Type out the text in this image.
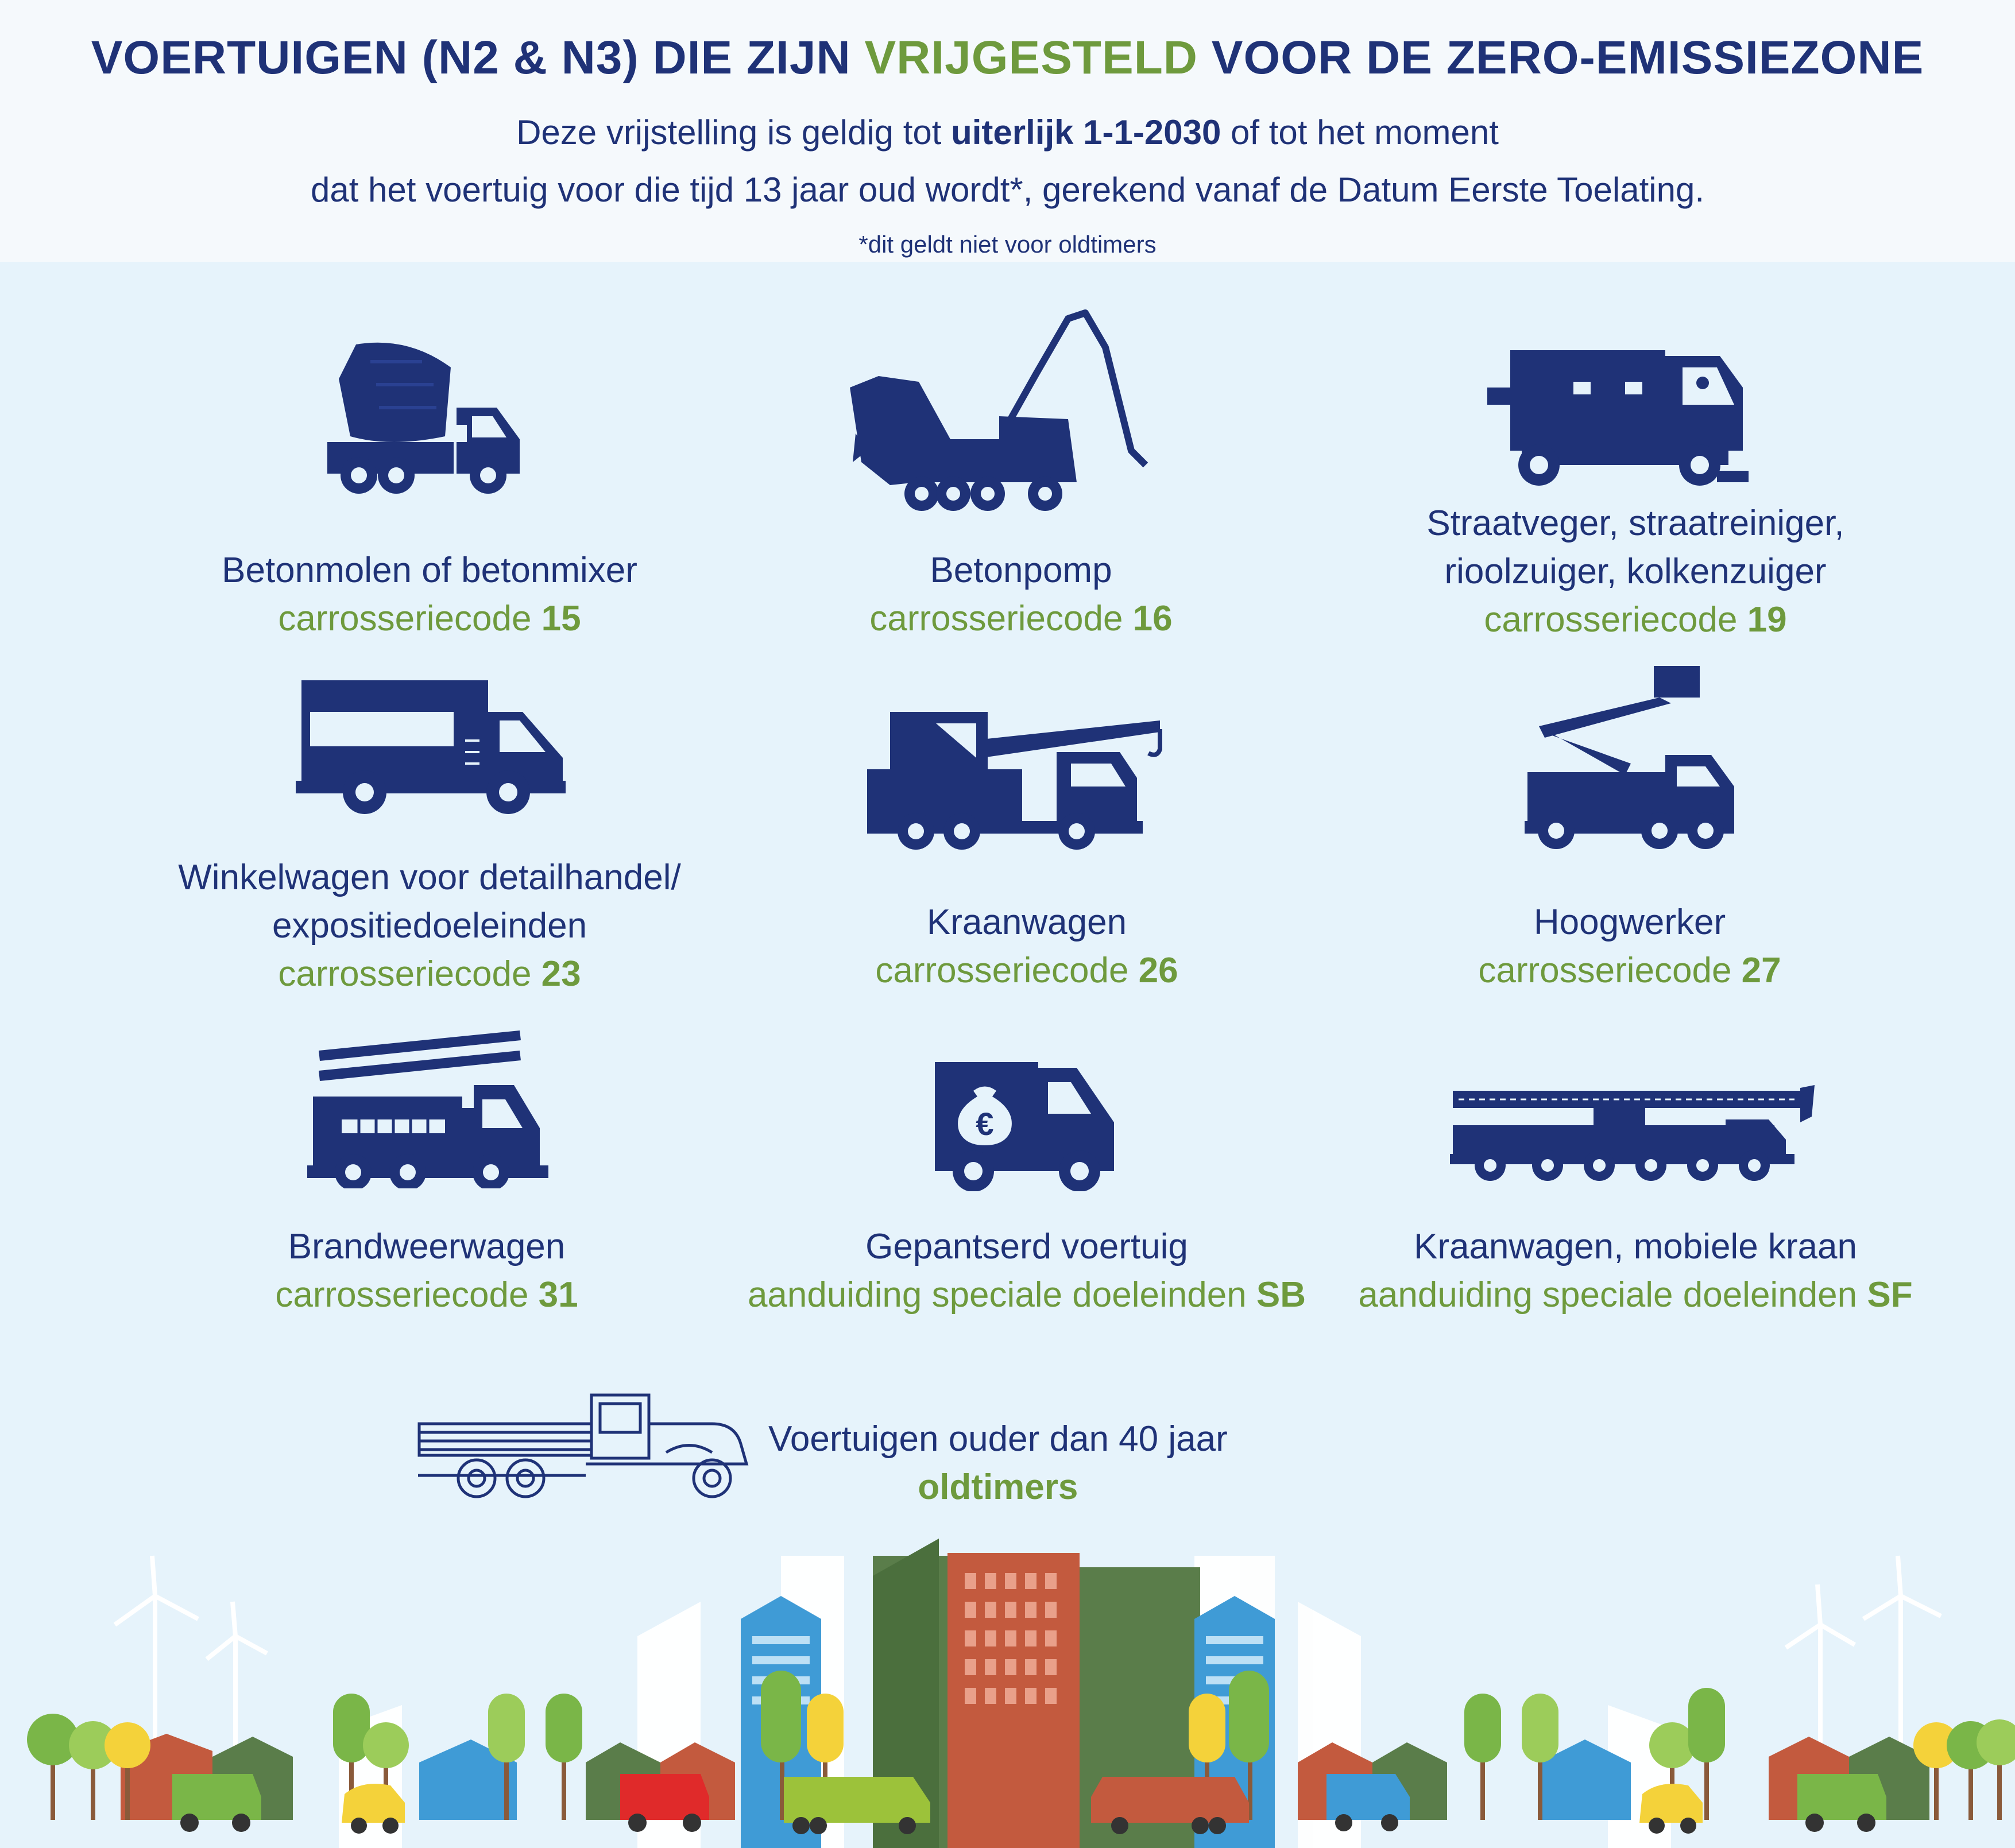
VOERTUIGEN (N2 & N3) DIE ZIJN VRIJGESTELD VOOR DE ZERO-EMISSIEZONE
Deze vrijstelling is geldig tot uiterlijk 1-1-2030 of tot het moment
dat het voertuig voor die tijd 13 jaar oud wordt*, gerekend vanaf de Datum Eerste Toelating.
*dit geldt niet voor oldtimers
Betonmolen of betonmixer
carrosseriecode 15
Betonpomp
carrosseriecode 16
Straatveger, straatreiniger,
rioolzuiger, kolkenzuiger
carrosseriecode 19
Winkelwagen voor detailhandel/
expositiedoeleinden
carrosseriecode 23
Kraanwagen
carrosseriecode 26
Hoogwerker
carrosseriecode 27
€
Brandweerwagen
carrosseriecode 31
Gepantserd voertuig
aanduiding speciale doeleinden SB
Kraanwagen, mobiele kraan
aanduiding speciale doeleinden SF
Voertuigen ouder dan 40 jaar
oldtimers
